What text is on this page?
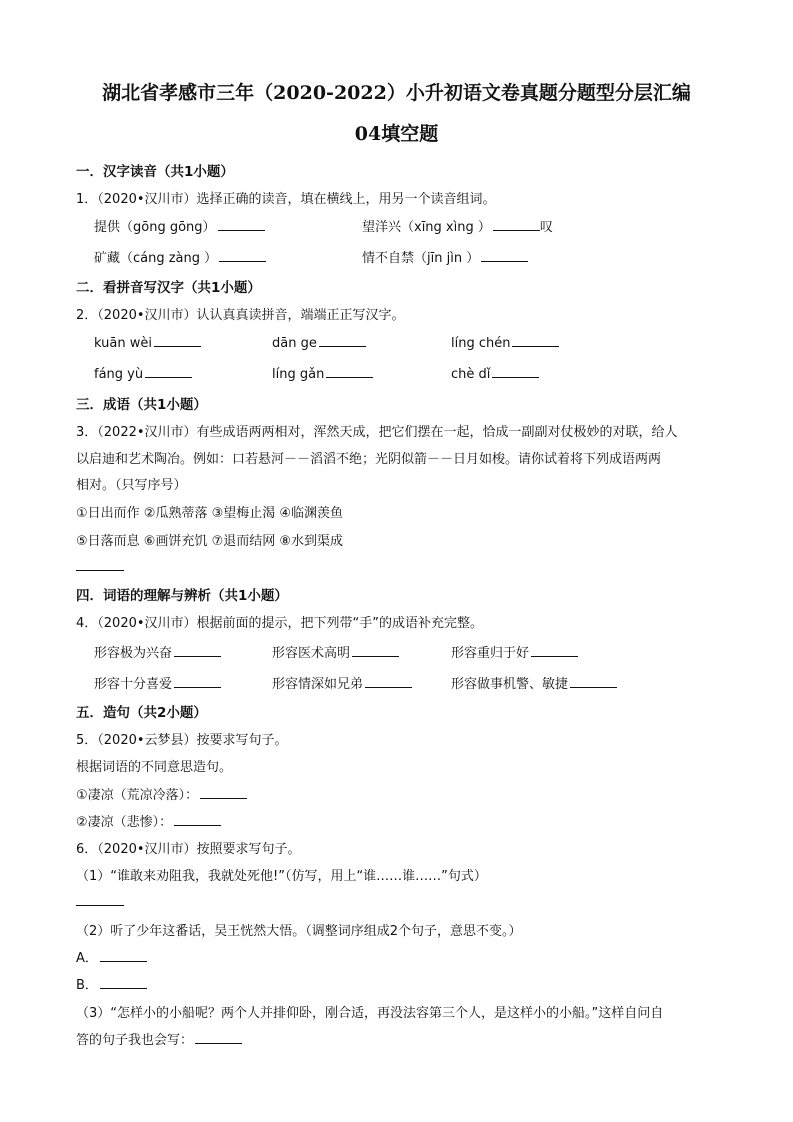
湖北省孝感市三年（2020-2022）小升初语文卷真题分题型分层汇编
04填空题
一．汉字读音（共1小题）
1．（2020•汉川市）选择正确的读音，填在横线上，用另一个读音组词。
提供（gōng gōng）	望洋兴（xīng xìng ）	叹
矿藏（cáng zàng ）	情不自禁（jīn jìn ）
二．看拼音写汉字（共1小题）
2．（2020•汉川市）认认真真读拼音，端端正正写汉字。
kuān wèi	dān ge	líng chén
fáng yù	líng gǎn	chè dǐ
三．成语（共1小题）
3．（2022•汉川市）有些成语两两相对，浑然天成，把它们摆在一起，恰成一副副对仗极妙的对联，给人
以启迪和艺术陶冶。例如：口若悬河－－滔滔不绝；光阴似箭－－日月如梭。请你试着将下列成语两两
相对。（只写序号）
①日出而作 ②瓜熟蒂落 ③望梅止渴 ④临渊羡鱼
⑤日落而息 ⑥画饼充饥 ⑦退而结网 ⑧水到渠成
四．词语的理解与辨析（共1小题）
4．（2020•汉川市）根据前面的提示，把下列带“手”的成语补充完整。
形容极为兴奋	形容医术高明	形容重归于好
形容十分喜爱	形容情深如兄弟	形容做事机警、敏捷
五．造句（共2小题）
5．（2020•云梦县）按要求写句子。
根据词语的不同意思造句。
①凄凉（荒凉冷落）：
②凄凉（悲惨）：
6．（2020•汉川市）按照要求写句子。
（1）“谁敢来劝阻我，我就处死他!”（仿写，用上“谁……谁……”句式）
（2）听了少年这番话，吴王恍然大悟。（调整词序组成2个句子，意思不变。）
A．
B．
（3）“怎样小的小船呢？两个人并排仰卧，刚合适，再没法容第三个人，是这样小的小船。”这样自问自
答的句子我也会写：
